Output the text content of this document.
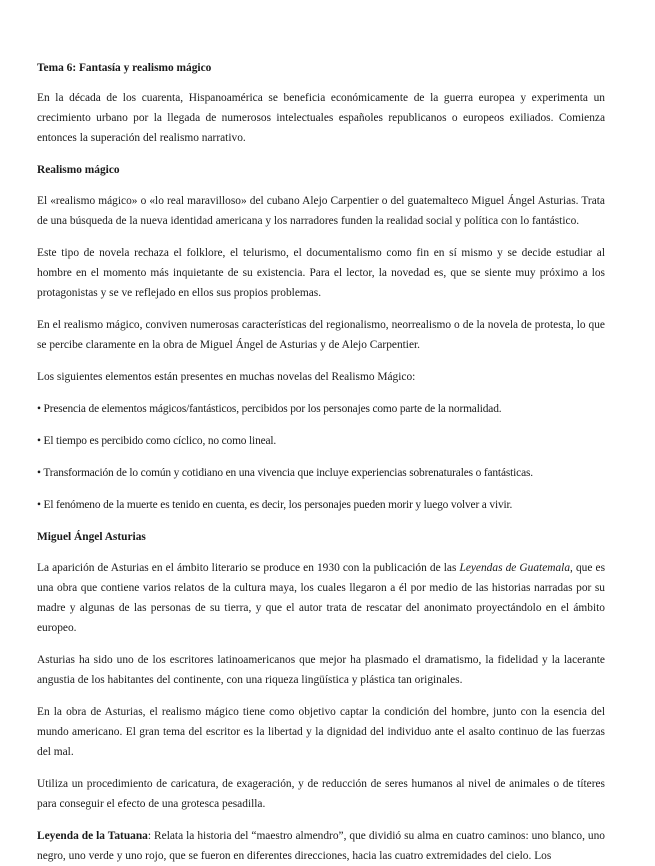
Tema 6: Fantasía y realismo mágico

En la década de los cuarenta, Hispanoamérica se beneficia económicamente de la guerra europea y experimenta un crecimiento urbano por la llegada de numerosos intelectuales españoles republicanos o europeos exiliados. Comienza entonces la superación del realismo narrativo.

Realismo mágico

El «realismo mágico» o «lo real maravilloso» del cubano Alejo Carpentier o del guatemalteco Miguel Ángel Asturias. Trata de una búsqueda de la nueva identidad americana y los narradores funden la realidad social y política con lo fantástico.

Este tipo de novela rechaza el folklore, el telurismo, el documentalismo como fin en sí mismo y se decide estudiar al hombre en el momento más inquietante de su existencia. Para el lector, la novedad es, que se siente muy próximo a los protagonistas y se ve reflejado en ellos sus propios problemas.

En el realismo mágico, conviven numerosas características del regionalismo, neorrealismo o de la novela de protesta, lo que se percibe claramente en la obra de Miguel Ángel de Asturias y de Alejo Carpentier.

Los siguientes elementos están presentes en muchas novelas del Realismo Mágico:

• Presencia de elementos mágicos/fantásticos, percibidos por los personajes como parte de la normalidad.

• El tiempo es percibido como cíclico, no como lineal.

• Transformación de lo común y cotidiano en una vivencia que incluye experiencias sobrenaturales o fantásticas.

• El fenómeno de la muerte es tenido en cuenta, es decir, los personajes pueden morir y luego volver a vivir.

Miguel Ángel Asturias

La aparición de Asturias en el ámbito literario se produce en 1930 con la publicación de las Leyendas de Guatemala, que es una obra que contiene varios relatos de la cultura maya, los cuales llegaron a él por medio de las historias narradas por su madre y algunas de las personas de su tierra, y que el autor trata de rescatar del anonimato proyectándolo en el ámbito europeo.

Asturias ha sido uno de los escritores latinoamericanos que mejor ha plasmado el dramatismo, la fidelidad y la lacerante angustia de los habitantes del continente, con una riqueza lingüística y plástica tan originales.

En la obra de Asturias, el realismo mágico tiene como objetivo captar la condición del hombre, junto con la esencia del mundo americano. El gran tema del escritor es la libertad y la dignidad del individuo ante el asalto continuo de las fuerzas del mal.

Utiliza un procedimiento de caricatura, de exageración, y de reducción de seres humanos al nivel de animales o de títeres para conseguir el efecto de una grotesca pesadilla.

Leyenda de la Tatuana: Relata la historia del “maestro almendro”, que dividió su alma en cuatro caminos: uno blanco, uno negro, uno verde y uno rojo, que se fueron en diferentes direcciones, hacia las cuatro extremidades del cielo. Los
